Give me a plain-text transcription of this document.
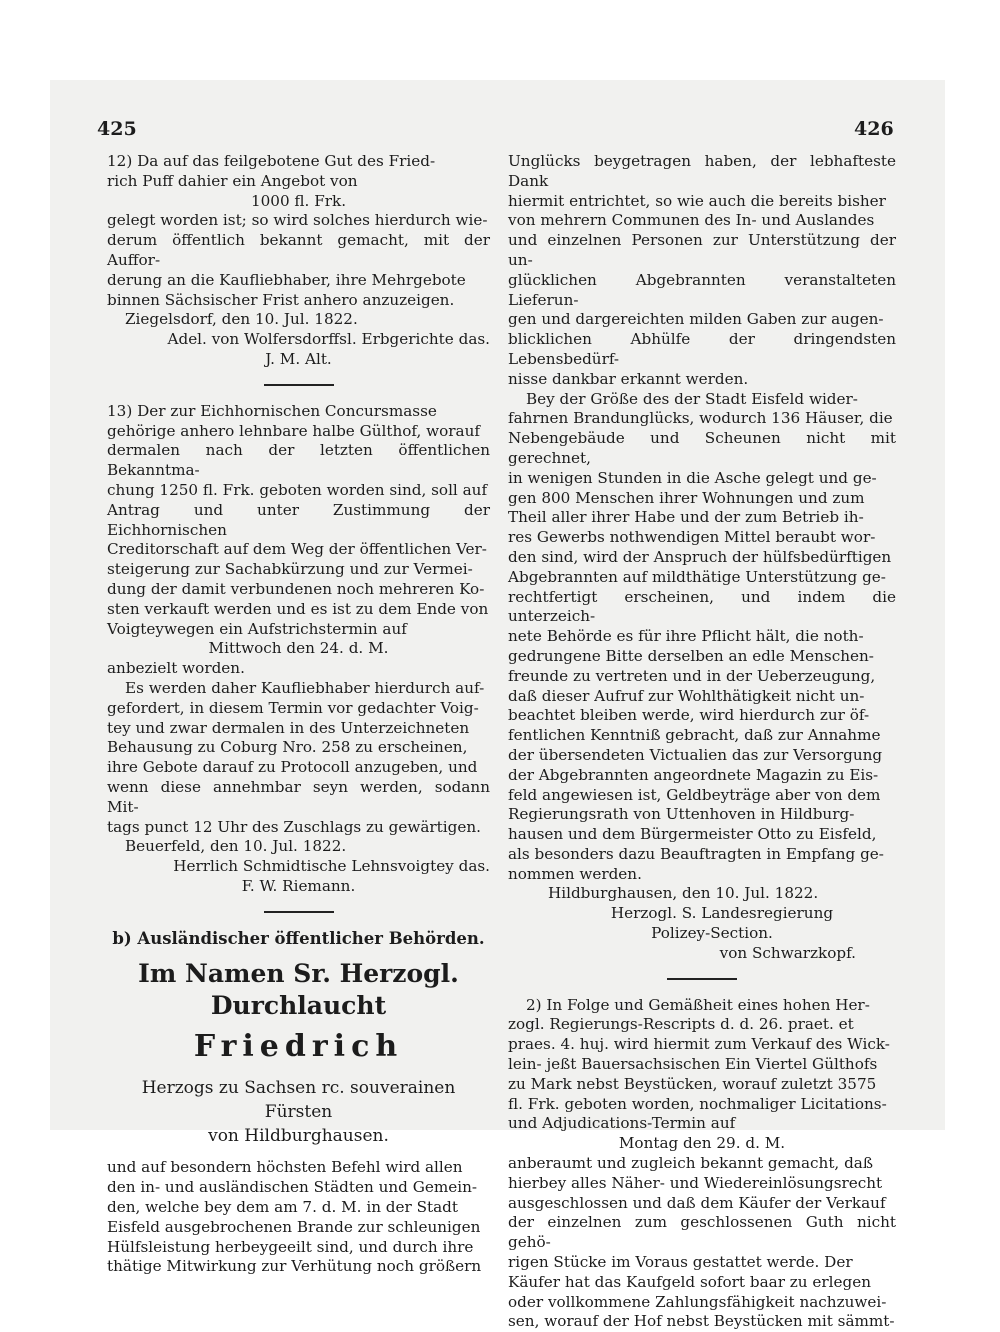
425	426

12) Da auf das feilgebotene Gut des Fried-

rich Puff dahier ein Angebot von

1000 fl. Frk.

gelegt worden ist; so wird solches hierdurch wie-

derum öffentlich bekannt gemacht, mit der Auffor-

derung an die Kaufliebhaber, ihre Mehrgebote

binnen Sächsischer Frist anhero anzuzeigen.

Ziegelsdorf, den 10. Jul. 1822.

Adel. von Wolfersdorffsl. Erbgerichte das.

J. M. Alt.

13) Der zur Eichhornischen Concursmasse

gehörige anhero lehnbare halbe Gülthof, worauf

dermalen nach der letzten öffentlichen Bekanntma-

chung 1250 fl. Frk. geboten worden sind, soll auf

Antrag und unter Zustimmung der Eichhornischen

Creditorschaft auf dem Weg der öffentlichen Ver-

steigerung zur Sachabkürzung und zur Vermei-

dung der damit verbundenen noch mehreren Ko-

sten verkauft werden und es ist zu dem Ende von

Voigteywegen ein Aufstrichstermin auf

Mittwoch den 24. d. M.

anbezielt worden.

Es werden daher Kaufliebhaber hierdurch auf-

gefordert, in diesem Termin vor gedachter Voig-

tey und zwar dermalen in des Unterzeichneten

Behausung zu Coburg Nro. 258 zu erscheinen,

ihre Gebote darauf zu Protocoll anzugeben, und

wenn diese annehmbar seyn werden, sodann Mit-

tags punct 12 Uhr des Zuschlags zu gewärtigen.

Beuerfeld, den 10. Jul. 1822.

Herrlich Schmidtische Lehnsvoigtey das.

F. W. Riemann.

b) Ausländischer öffentlicher Behörden.

Im Namen Sr. Herzogl. Durchlaucht

Friedrich

Herzogs zu Sachsen rc. souverainen Fürsten

von Hildburghausen.

und auf besondern höchsten Befehl wird allen

den in- und ausländischen Städten und Gemein-

den, welche bey dem am 7. d. M. in der Stadt

Eisfeld ausgebrochenen Brande zur schleunigen

Hülfsleistung herbeygeeilt sind, und durch ihre

thätige Mitwirkung zur Verhütung noch größern

Unglücks beygetragen haben, der lebhafteste Dank

hiermit entrichtet, so wie auch die bereits bisher

von mehrern Communen des In- und Auslandes

und einzelnen Personen zur Unterstützung der un-

glücklichen Abgebrannten veranstalteten Lieferun-

gen und dargereichten milden Gaben zur augen-

blicklichen Abhülfe der dringendsten Lebensbedürf-

nisse dankbar erkannt werden.

Bey der Größe des der Stadt Eisfeld wider-

fahrnen Brandunglücks, wodurch 136 Häuser, die

Nebengebäude und Scheunen nicht mit gerechnet,

in wenigen Stunden in die Asche gelegt und ge-

gen 800 Menschen ihrer Wohnungen und zum

Theil aller ihrer Habe und der zum Betrieb ih-

res Gewerbs nothwendigen Mittel beraubt wor-

den sind, wird der Anspruch der hülfsbedürftigen

Abgebrannten auf mildthätige Unterstützung ge-

rechtfertigt erscheinen, und indem die unterzeich-

nete Behörde es für ihre Pflicht hält, die noth-

gedrungene Bitte derselben an edle Menschen-

freunde zu vertreten und in der Ueberzeugung,

daß dieser Aufruf zur Wohlthätigkeit nicht un-

beachtet bleiben werde, wird hierdurch zur öf-

fentlichen Kenntniß gebracht, daß zur Annahme

der übersendeten Victualien das zur Versorgung

der Abgebrannten angeordnete Magazin zu Eis-

feld angewiesen ist, Geldbeyträge aber von dem

Regierungsrath von Uttenhoven in Hildburg-

hausen und dem Bürgermeister Otto zu Eisfeld,

als besonders dazu Beauftragten in Empfang ge-

nommen werden.

Hildburghausen, den 10. Jul. 1822.

Herzogl. S. Landesregierung

Polizey-Section.

von Schwarzkopf.

2) In Folge und Gemäßheit eines hohen Her-

zogl. Regierungs-Rescripts d. d. 26. praet. et

praes. 4. huj. wird hiermit zum Verkauf des Wick-

lein- jeßt Bauersachsischen Ein Viertel Gülthofs

zu Mark nebst Beystücken, worauf zuletzt 3575

fl. Frk. geboten worden, nochmaliger Licitations-

und Adjudications-Termin auf

Montag den 29. d. M.

anberaumt und zugleich bekannt gemacht, daß

hierbey alles Näher- und Wiedereinlösungsrecht

ausgeschlossen und daß dem Käufer der Verkauf

der einzelnen zum geschlossenen Guth nicht gehö-

rigen Stücke im Voraus gestattet werde. Der

Käufer hat das Kaufgeld sofort baar zu erlegen

oder vollkommene Zahlungsfähigkeit nachzuwei-

sen, worauf der Hof nebst Beystücken mit sämmt-
